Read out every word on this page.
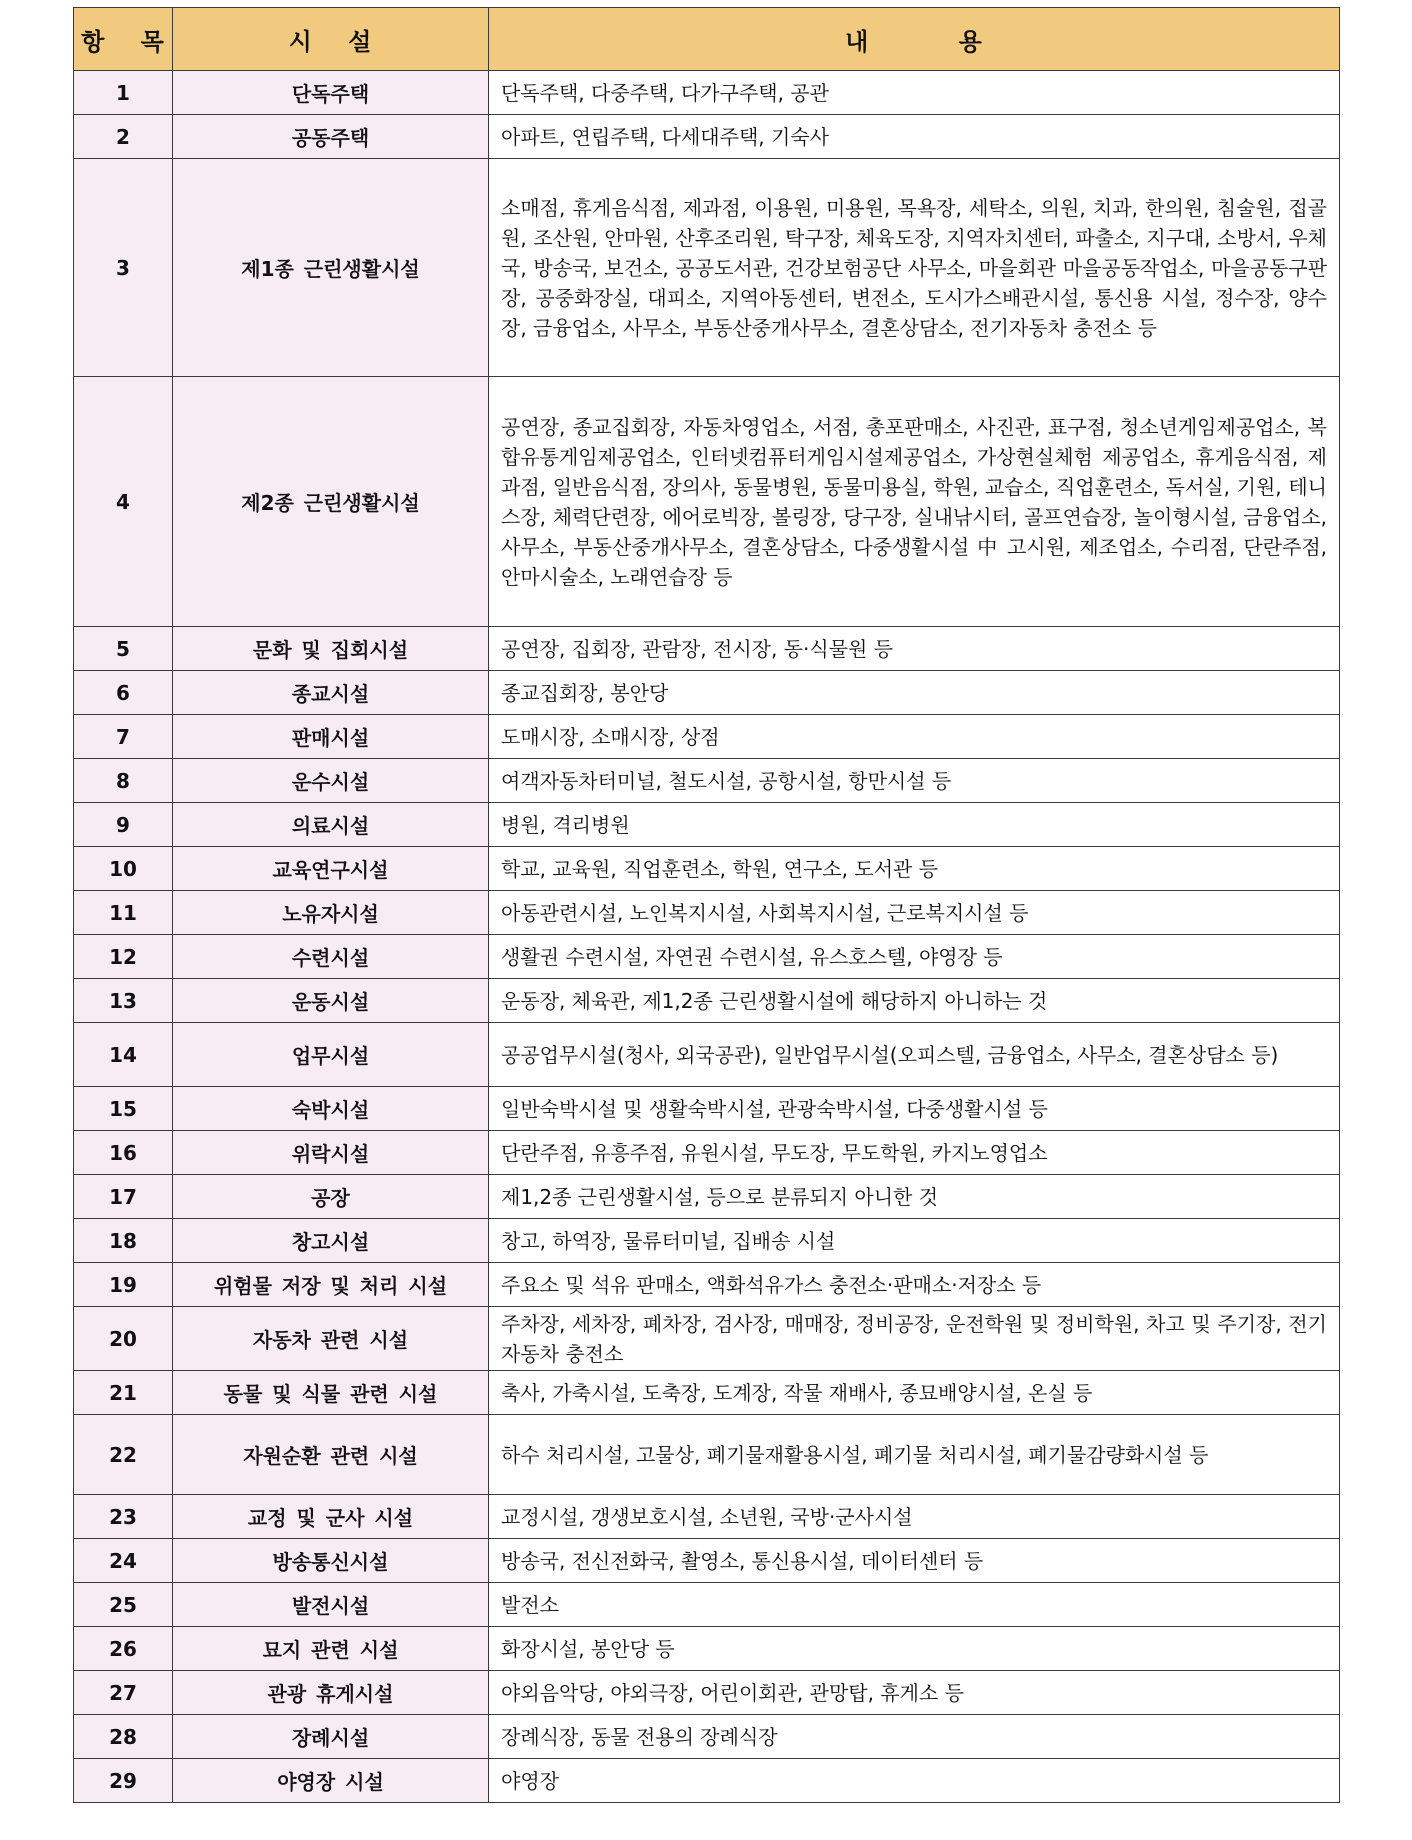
항 목	시 설	내 용
1	단독주택	단독주택, 다중주택, 다가구주택, 공관
2	공동주택	아파트, 연립주택, 다세대주택, 기숙사
3	제1종 근린생활시설	소매점, 휴게음식점, 제과점, 이용원, 미용원, 목욕장, 세탁소, 의원, 치과, 한의원, 침술원, 접골원, 조산원, 안마원, 산후조리원, 탁구장, 체육도장, 지역자치센터, 파출소, 지구대, 소방서, 우체국, 방송국, 보건소, 공공도서관, 건강보험공단 사무소, 마을회관 마을공동작업소, 마을공동구판장, 공중화장실, 대피소, 지역아동센터, 변전소, 도시가스배관시설, 통신용 시설, 정수장, 양수장, 금융업소, 사무소, 부동산중개사무소, 결혼상담소, 전기자동차 충전소 등
4	제2종 근린생활시설	공연장, 종교집회장, 자동차영업소, 서점, 총포판매소, 사진관, 표구점, 청소년게임제공업소, 복합유통게임제공업소, 인터넷컴퓨터게임시설제공업소, 가상현실체험 제공업소, 휴게음식점, 제과점, 일반음식점, 장의사, 동물병원, 동물미용실, 학원, 교습소, 직업훈련소, 독서실, 기원, 테니스장, 체력단련장, 에어로빅장, 볼링장, 당구장, 실내낚시터, 골프연습장, 놀이형시설, 금융업소, 사무소, 부동산중개사무소, 결혼상담소, 다중생활시설 中 고시원, 제조업소, 수리점, 단란주점, 안마시술소, 노래연습장 등
5	문화 및 집회시설	공연장, 집회장, 관람장, 전시장, 동·식물원 등
6	종교시설	종교집회장, 봉안당
7	판매시설	도매시장, 소매시장, 상점
8	운수시설	여객자동차터미널, 철도시설, 공항시설, 항만시설 등
9	의료시설	병원, 격리병원
10	교육연구시설	학교, 교육원, 직업훈련소, 학원, 연구소, 도서관 등
11	노유자시설	아동관련시설, 노인복지시설, 사회복지시설, 근로복지시설 등
12	수련시설	생활권 수련시설, 자연권 수련시설, 유스호스텔, 야영장 등
13	운동시설	운동장, 체육관, 제1,2종 근린생활시설에 해당하지 아니하는 것
14	업무시설	공공업무시설(청사, 외국공관), 일반업무시설(오피스텔, 금융업소, 사무소, 결혼상담소 등)
15	숙박시설	일반숙박시설 및 생활숙박시설, 관광숙박시설, 다중생활시설 등
16	위락시설	단란주점, 유흥주점, 유원시설, 무도장, 무도학원, 카지노영업소
17	공장	제1,2종 근린생활시설, 등으로 분류되지 아니한 것
18	창고시설	창고, 하역장, 물류터미널, 집배송 시설
19	위험물 저장 및 처리 시설	주요소 및 석유 판매소, 액화석유가스 충전소·판매소·저장소 등
20	자동차 관련 시설	주차장, 세차장, 폐차장, 검사장, 매매장, 정비공장, 운전학원 및 정비학원, 차고 및 주기장, 전기자동차 충전소
21	동물 및 식물 관련 시설	축사, 가축시설, 도축장, 도계장, 작물 재배사, 종묘배양시설, 온실 등
22	자원순환 관련 시설	하수 처리시설, 고물상, 폐기물재활용시설, 폐기물 처리시설, 폐기물감량화시설 등
23	교정 및 군사 시설	교정시설, 갱생보호시설, 소년원, 국방·군사시설
24	방송통신시설	방송국, 전신전화국, 촬영소, 통신용시설, 데이터센터 등
25	발전시설	발전소
26	묘지 관련 시설	화장시설, 봉안당 등
27	관광 휴게시설	야외음악당, 야외극장, 어린이회관, 관망탑, 휴게소 등
28	장례시설	장례식장, 동물 전용의 장례식장
29	야영장 시설	야영장
